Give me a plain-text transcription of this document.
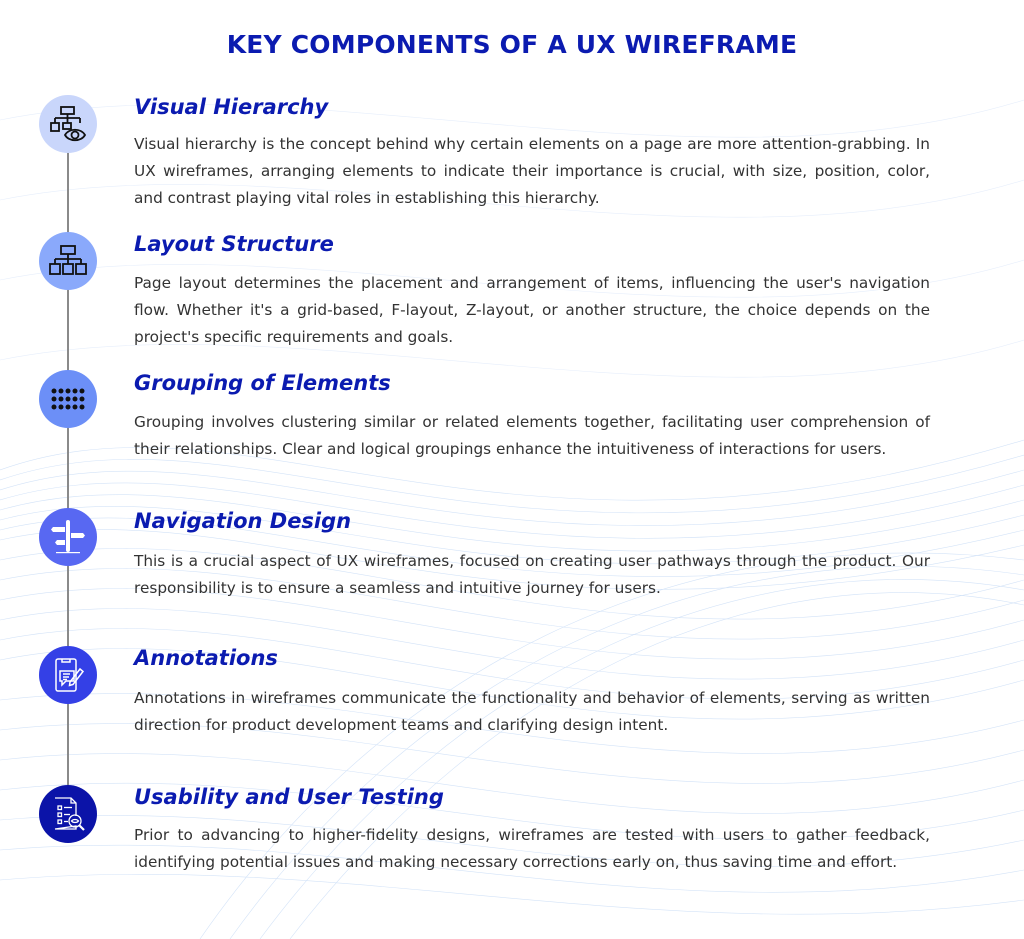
KEY COMPONENTS OF A UX WIREFRAME
Visual Hierarchy
Visual hierarchy is the concept behind why certain elements on a page are more attention-grabbing. In UX wireframes, arranging elements to indicate their importance is crucial, with size, position, color, and contrast playing vital roles in establishing this hierarchy.
Layout Structure
Page layout determines the placement and arrangement of items, influencing the user's navigation flow. Whether it's a grid-based, F-layout, Z-layout, or another structure, the choice depends on the project's specific requirements and goals.
Grouping of Elements
Grouping involves clustering similar or related elements together, facilitating user comprehension of their relationships. Clear and logical groupings enhance the intuitiveness of interactions for users.
Navigation Design
This is a crucial aspect of UX wireframes, focused on creating user pathways through the product. Our responsibility is to ensure a seamless and intuitive journey for users.
Annotations
Annotations in wireframes communicate the functionality and behavior of elements, serving as written direction for product development teams and clarifying design intent.
Usability and User Testing
Prior to advancing to higher-fidelity designs, wireframes are tested with users to gather feedback, identifying potential issues and making necessary corrections early on, thus saving time and effort.
